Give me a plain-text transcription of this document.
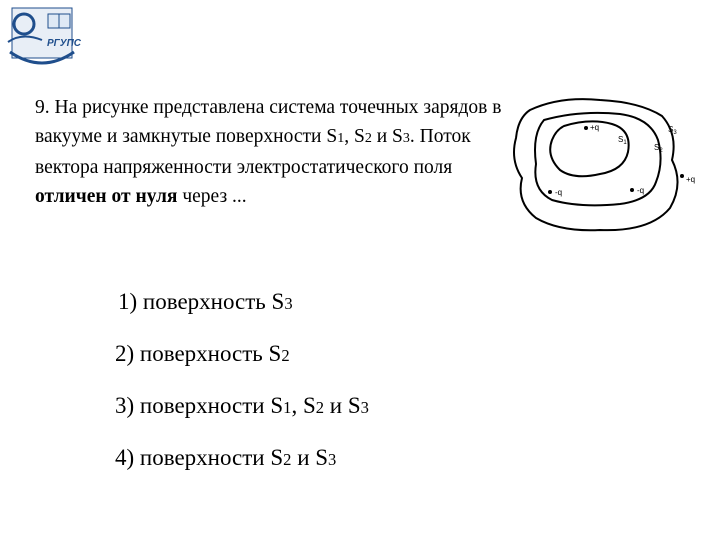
РГУПС
9. На рисунке представлена система точечных зарядов в вакууме и замкнутые поверхности S1, S2 и S3. Поток вектора напряженности электростатического поля отличен от нуля через ...
+q
+q
-q	-q
$S_1$	$S_2$
$S_3$
1) поверхность S3
2) поверхность S2
3) поверхности S1, S2 и S3
4) поверхности S2 и S3
